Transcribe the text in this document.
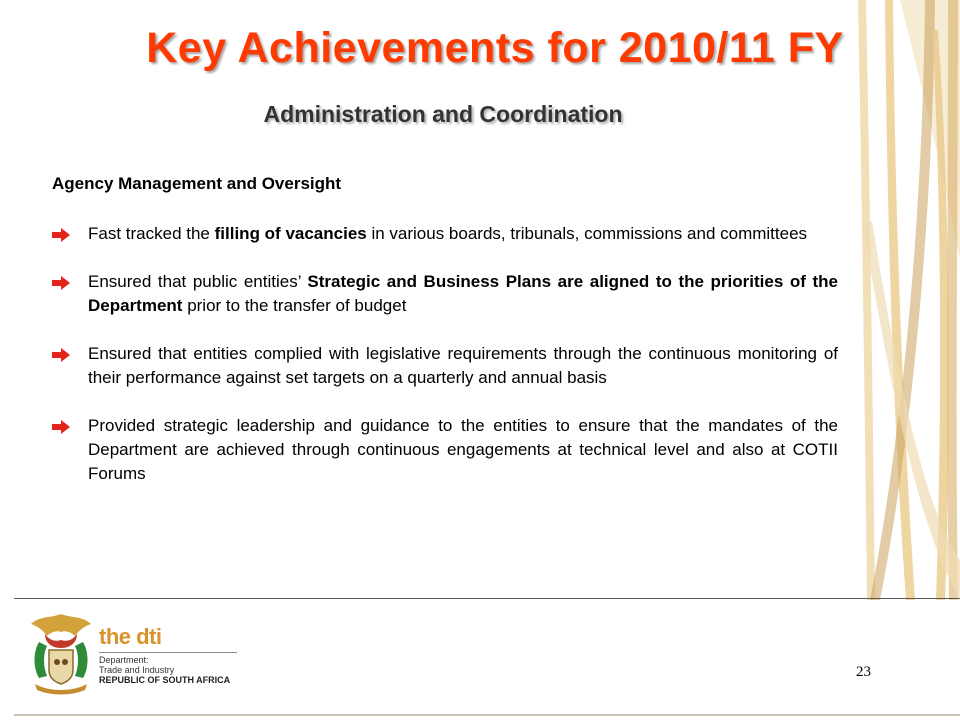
Key Achievements for 2010/11 FY
Administration and Coordination
Agency Management and Oversight
Fast tracked the filling of vacancies in various boards, tribunals, commissions and committees
Ensured that public entities’ Strategic and Business Plans are aligned to the priorities of the Department prior to the transfer of budget
Ensured that entities complied with legislative requirements through the continuous monitoring of their performance against set targets on a quarterly and annual basis
Provided strategic leadership and guidance to the entities to ensure that the mandates of the Department are achieved through continuous engagements at technical level and also at COTII Forums
the dti
Department:
Trade and Industry
REPUBLIC OF SOUTH AFRICA	23
